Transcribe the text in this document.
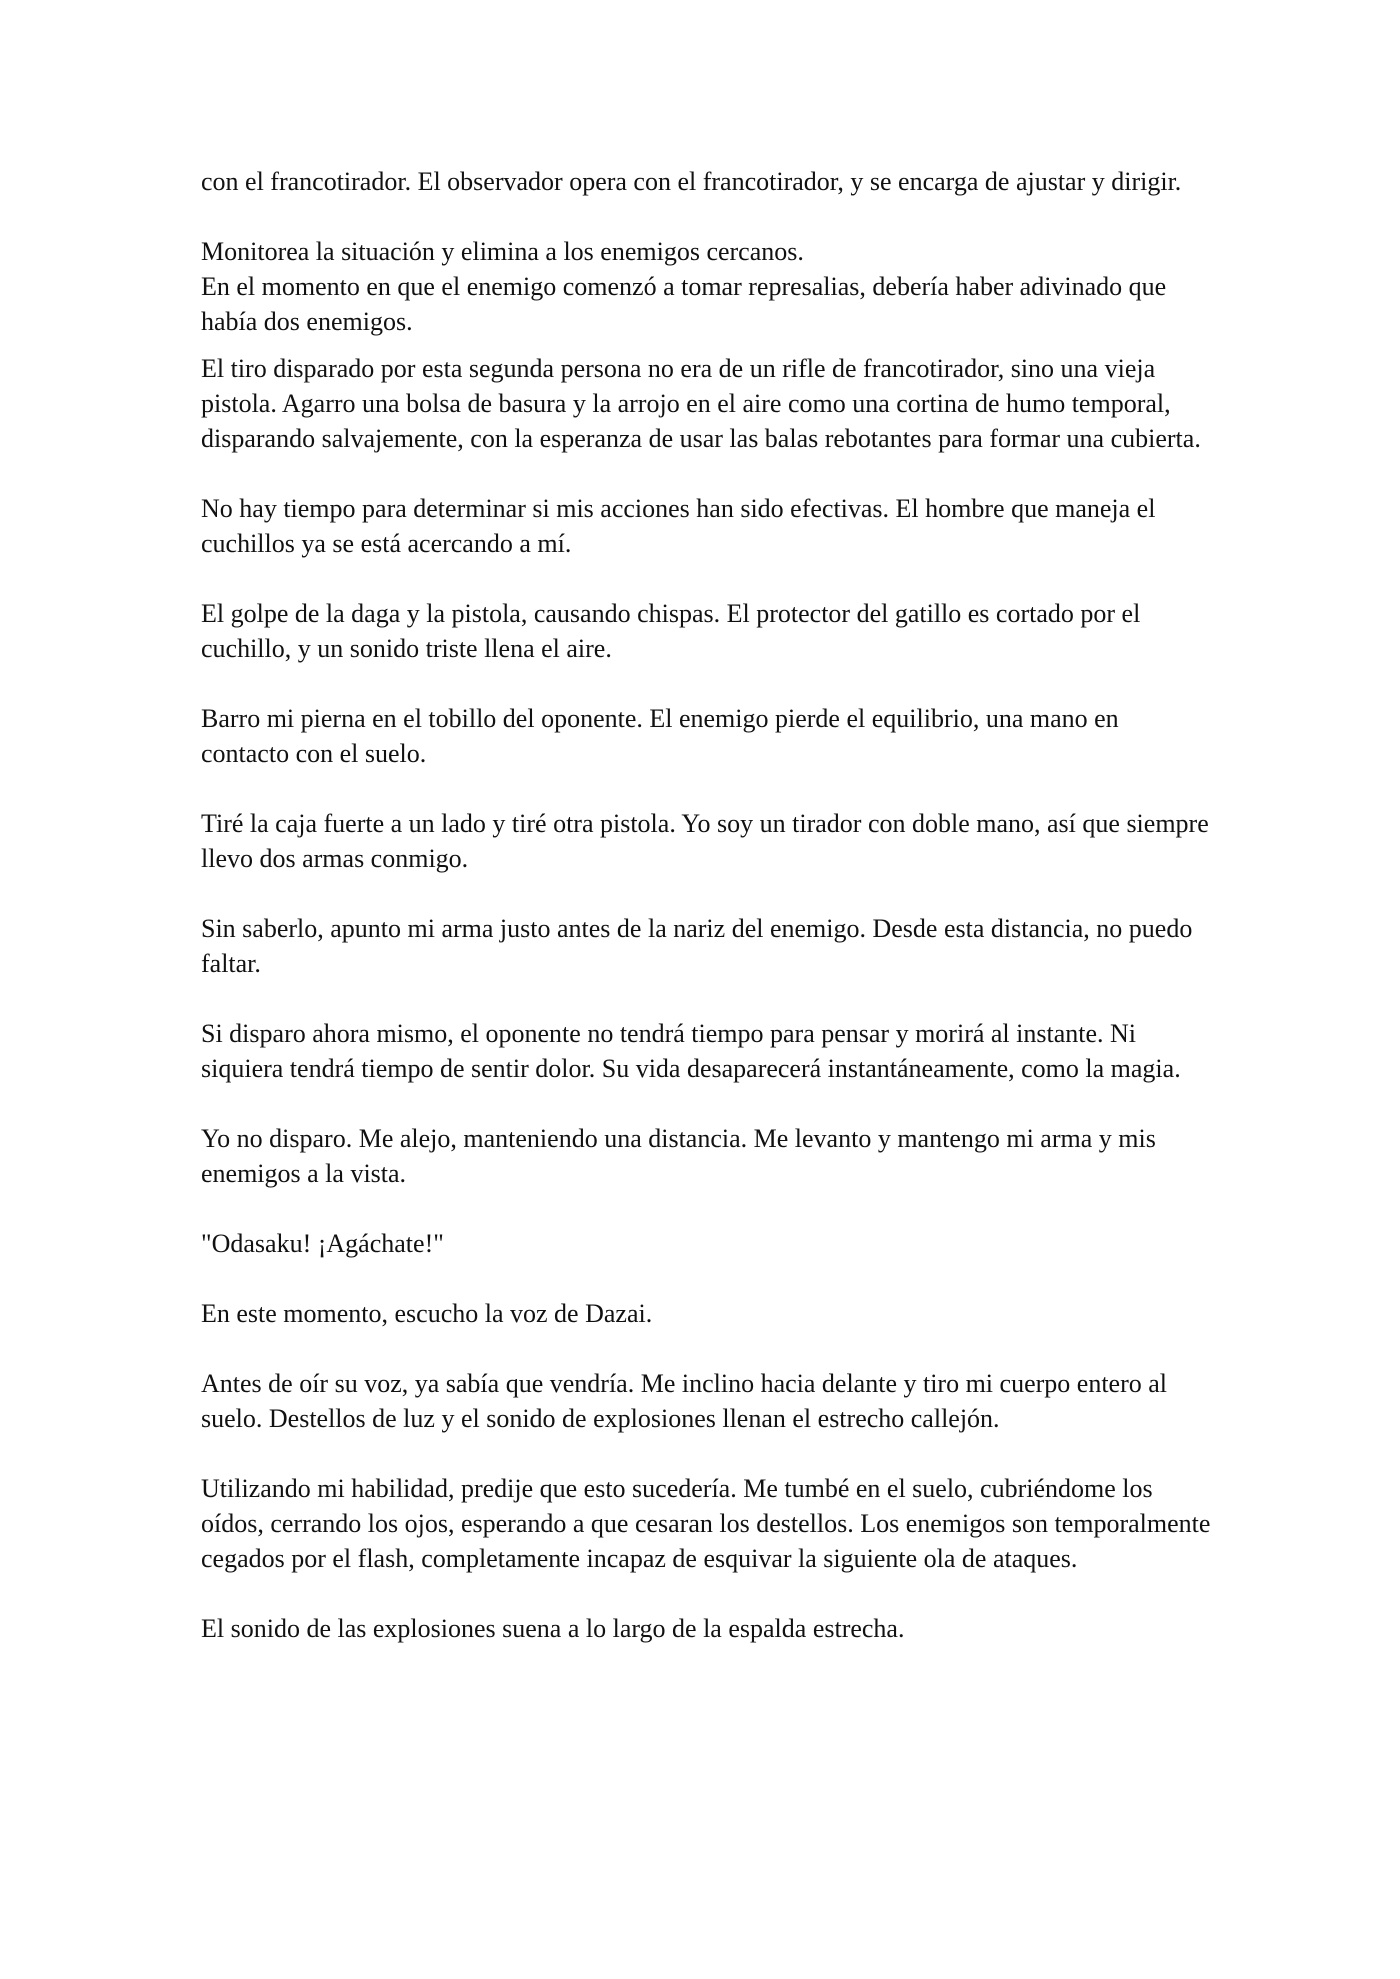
con el francotirador. El observador opera con el francotirador, y se encarga de ajustar y dirigir.

Monitorea la situación y elimina a los enemigos cercanos.

En el momento en que el enemigo comenzó a tomar represalias, debería haber adivinado que había dos enemigos.

El tiro disparado por esta segunda persona no era de un rifle de francotirador, sino una vieja pistola. Agarro una bolsa de basura y la arrojo en el aire como una cortina de humo temporal, disparando salvajemente, con la esperanza de usar las balas rebotantes para formar una cubierta.

No hay tiempo para determinar si mis acciones han sido efectivas. El hombre que maneja el cuchillos ya se está acercando a mí.

El golpe de la daga y la pistola, causando chispas. El protector del gatillo es cortado por el cuchillo, y un sonido triste llena el aire.

Barro mi pierna en el tobillo del oponente. El enemigo pierde el equilibrio, una mano en contacto con el suelo.

Tiré la caja fuerte a un lado y tiré otra pistola. Yo soy un tirador con doble mano, así que siempre llevo dos armas conmigo.

Sin saberlo, apunto mi arma justo antes de la nariz del enemigo. Desde esta distancia, no puedo faltar.

Si disparo ahora mismo, el oponente no tendrá tiempo para pensar y morirá al instante. Ni siquiera tendrá tiempo de sentir dolor. Su vida desaparecerá instantáneamente, como la magia.

Yo no disparo. Me alejo, manteniendo una distancia. Me levanto y mantengo mi arma y mis enemigos a la vista.

"Odasaku! ¡Agáchate!"

En este momento, escucho la voz de Dazai.

Antes de oír su voz, ya sabía que vendría. Me inclino hacia delante y tiro mi cuerpo entero al suelo. Destellos de luz y el sonido de explosiones llenan el estrecho callejón.

Utilizando mi habilidad, predije que esto sucedería. Me tumbé en el suelo, cubriéndome los oídos, cerrando los ojos, esperando a que cesaran los destellos. Los enemigos son temporalmente cegados por el flash, completamente incapaz de esquivar la siguiente ola de ataques.

El sonido de las explosiones suena a lo largo de la espalda estrecha.
